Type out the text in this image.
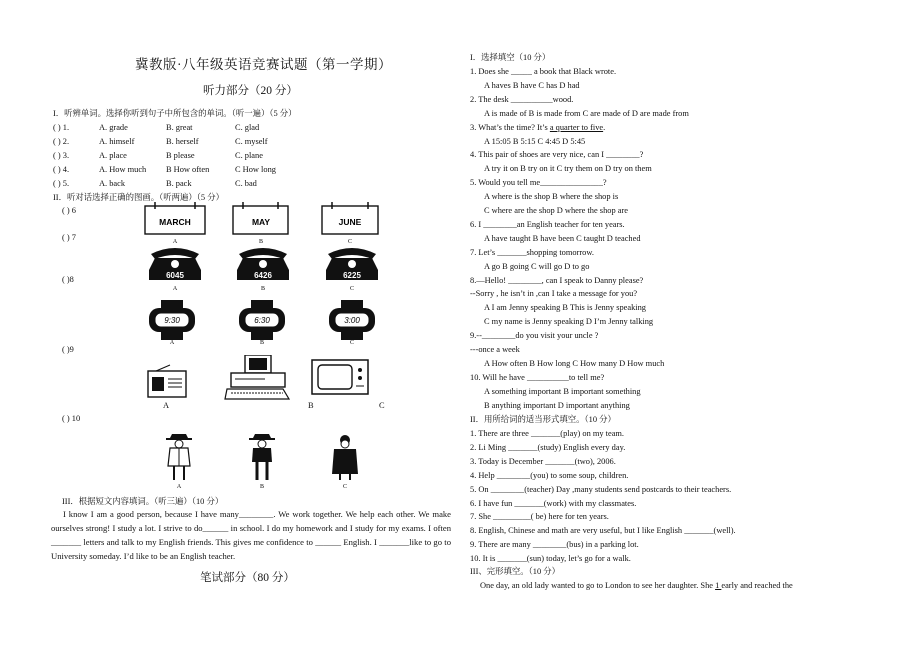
冀教版·八年级英语竞赛试题（第一学期）
听力部分（20 分）
I．听辨单词。选择你听到句子中所包含的单词。（听一遍）（5 分）
( ) 1.	A. grade	B. great	C. glad
( ) 2.	A. himself	B. herself	C. myself
( ) 3.	A. place	B please	C. plane
( ) 4.	A. How much B How often	C How long
( ) 5.	A. back	B. pack	C. bad
II．听对话选择正确的图画。（听两遍）（5 分）
( ) 6
( ) 7
( )8
( )9
( ) 10
MARCH
A
MAY
B
JUNE
C
6045
A
6426
B
6225
C
9:30
A
6:30
B
3:00
C
A	B	C
A	B	C
III．根据短文内容填词。（听三遍）（10 分）
I know I am a good person, because I have many________. We work together. We help each other. We make ourselves strong! I study a lot. I strive to do______ in school. I do my homework and I study for my exams. I often _______ letters and talk to my English friends. This gives me confidence to ______ English. I _______like to go to University someday. I’d like to be an English teacher.
笔试部分（80 分）
I．选择填空（10 分）
1. Does she _____ a book that Black wrote.
A haves B have C has D had
2. The desk __________wood.
A is made of B is made from C are made of D are made from
3. What’s the time? It’s a quarter to five.
A 15:05 B 5:15 C 4:45 D 5:45
4. This pair of shoes are very nice, can I ________?
A try it on B try on it C try them on D try on them
5. Would you tell me_______________?
A where is the shop B where the shop is
C where are the shop D where the shop are
6. I ________an English teacher for ten years.
A have taught B have been C taught D teached
7. Let’s _______shopping tomorrow.
A go B going C will go D to go
8.—Hello! ________, can I speak to Danny please?
--Sorry , he isn’t in ,can I take a message for you?
A I am Jenny speaking B This is Jenny speaking
C my name is Jenny speaking D I’m Jenny talking
9.--________do you visit your uncle ?
---once a week
A How often B How long C How many D How much
10. Will he have __________to tell me?
A something important B important something
B anything important D important anything
II．用所给词的适当形式填空。（10 分）
1. There are three _______(play) on my team.
2. Li Ming _______(study) English every day.
3. Today is December _______(two), 2006.
4. Help ________(you) to some soup, children.
5. On ________(teacher) Day ,many students send postcards to their teachers.
6. I have fun _______(work) with my classmates.
7. She _________( be) here for ten years.
8. English, Chinese and math are very useful, but I like English _______(well).
9. There are many ________(bus) in a parking lot.
10. It is _______(sun) today, let’s go for a walk.
III、完形填空。（10 分）
One day, an old lady wanted to go to London to see her daughter. She 1 early and reached the
